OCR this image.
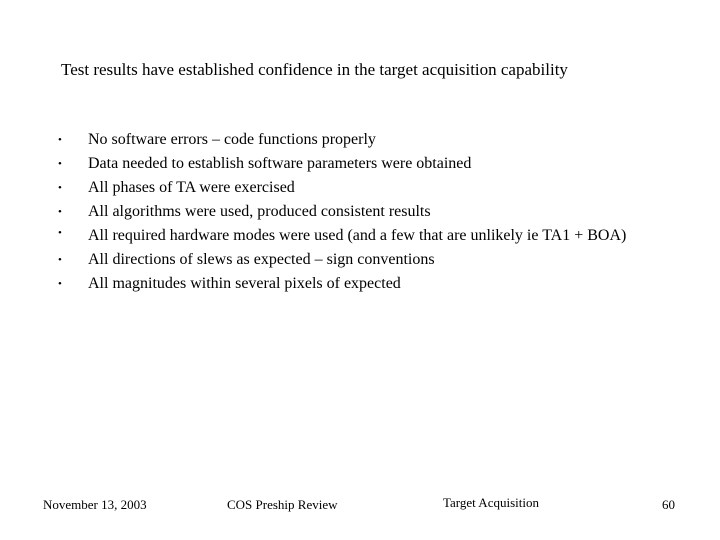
Test results have established confidence in the target acquisition capability
•	No software errors – code functions properly
•	Data needed to establish software parameters were obtained
•	All phases of TA were exercised
•	All algorithms were used, produced consistent results
•	All required hardware modes were used (and a few that are unlikely ie TA1 + BOA)
•	All directions of slews as expected – sign conventions
•	All magnitudes within several pixels of expected
November 13, 2003	COS Preship Review	Target Acquisition	60
